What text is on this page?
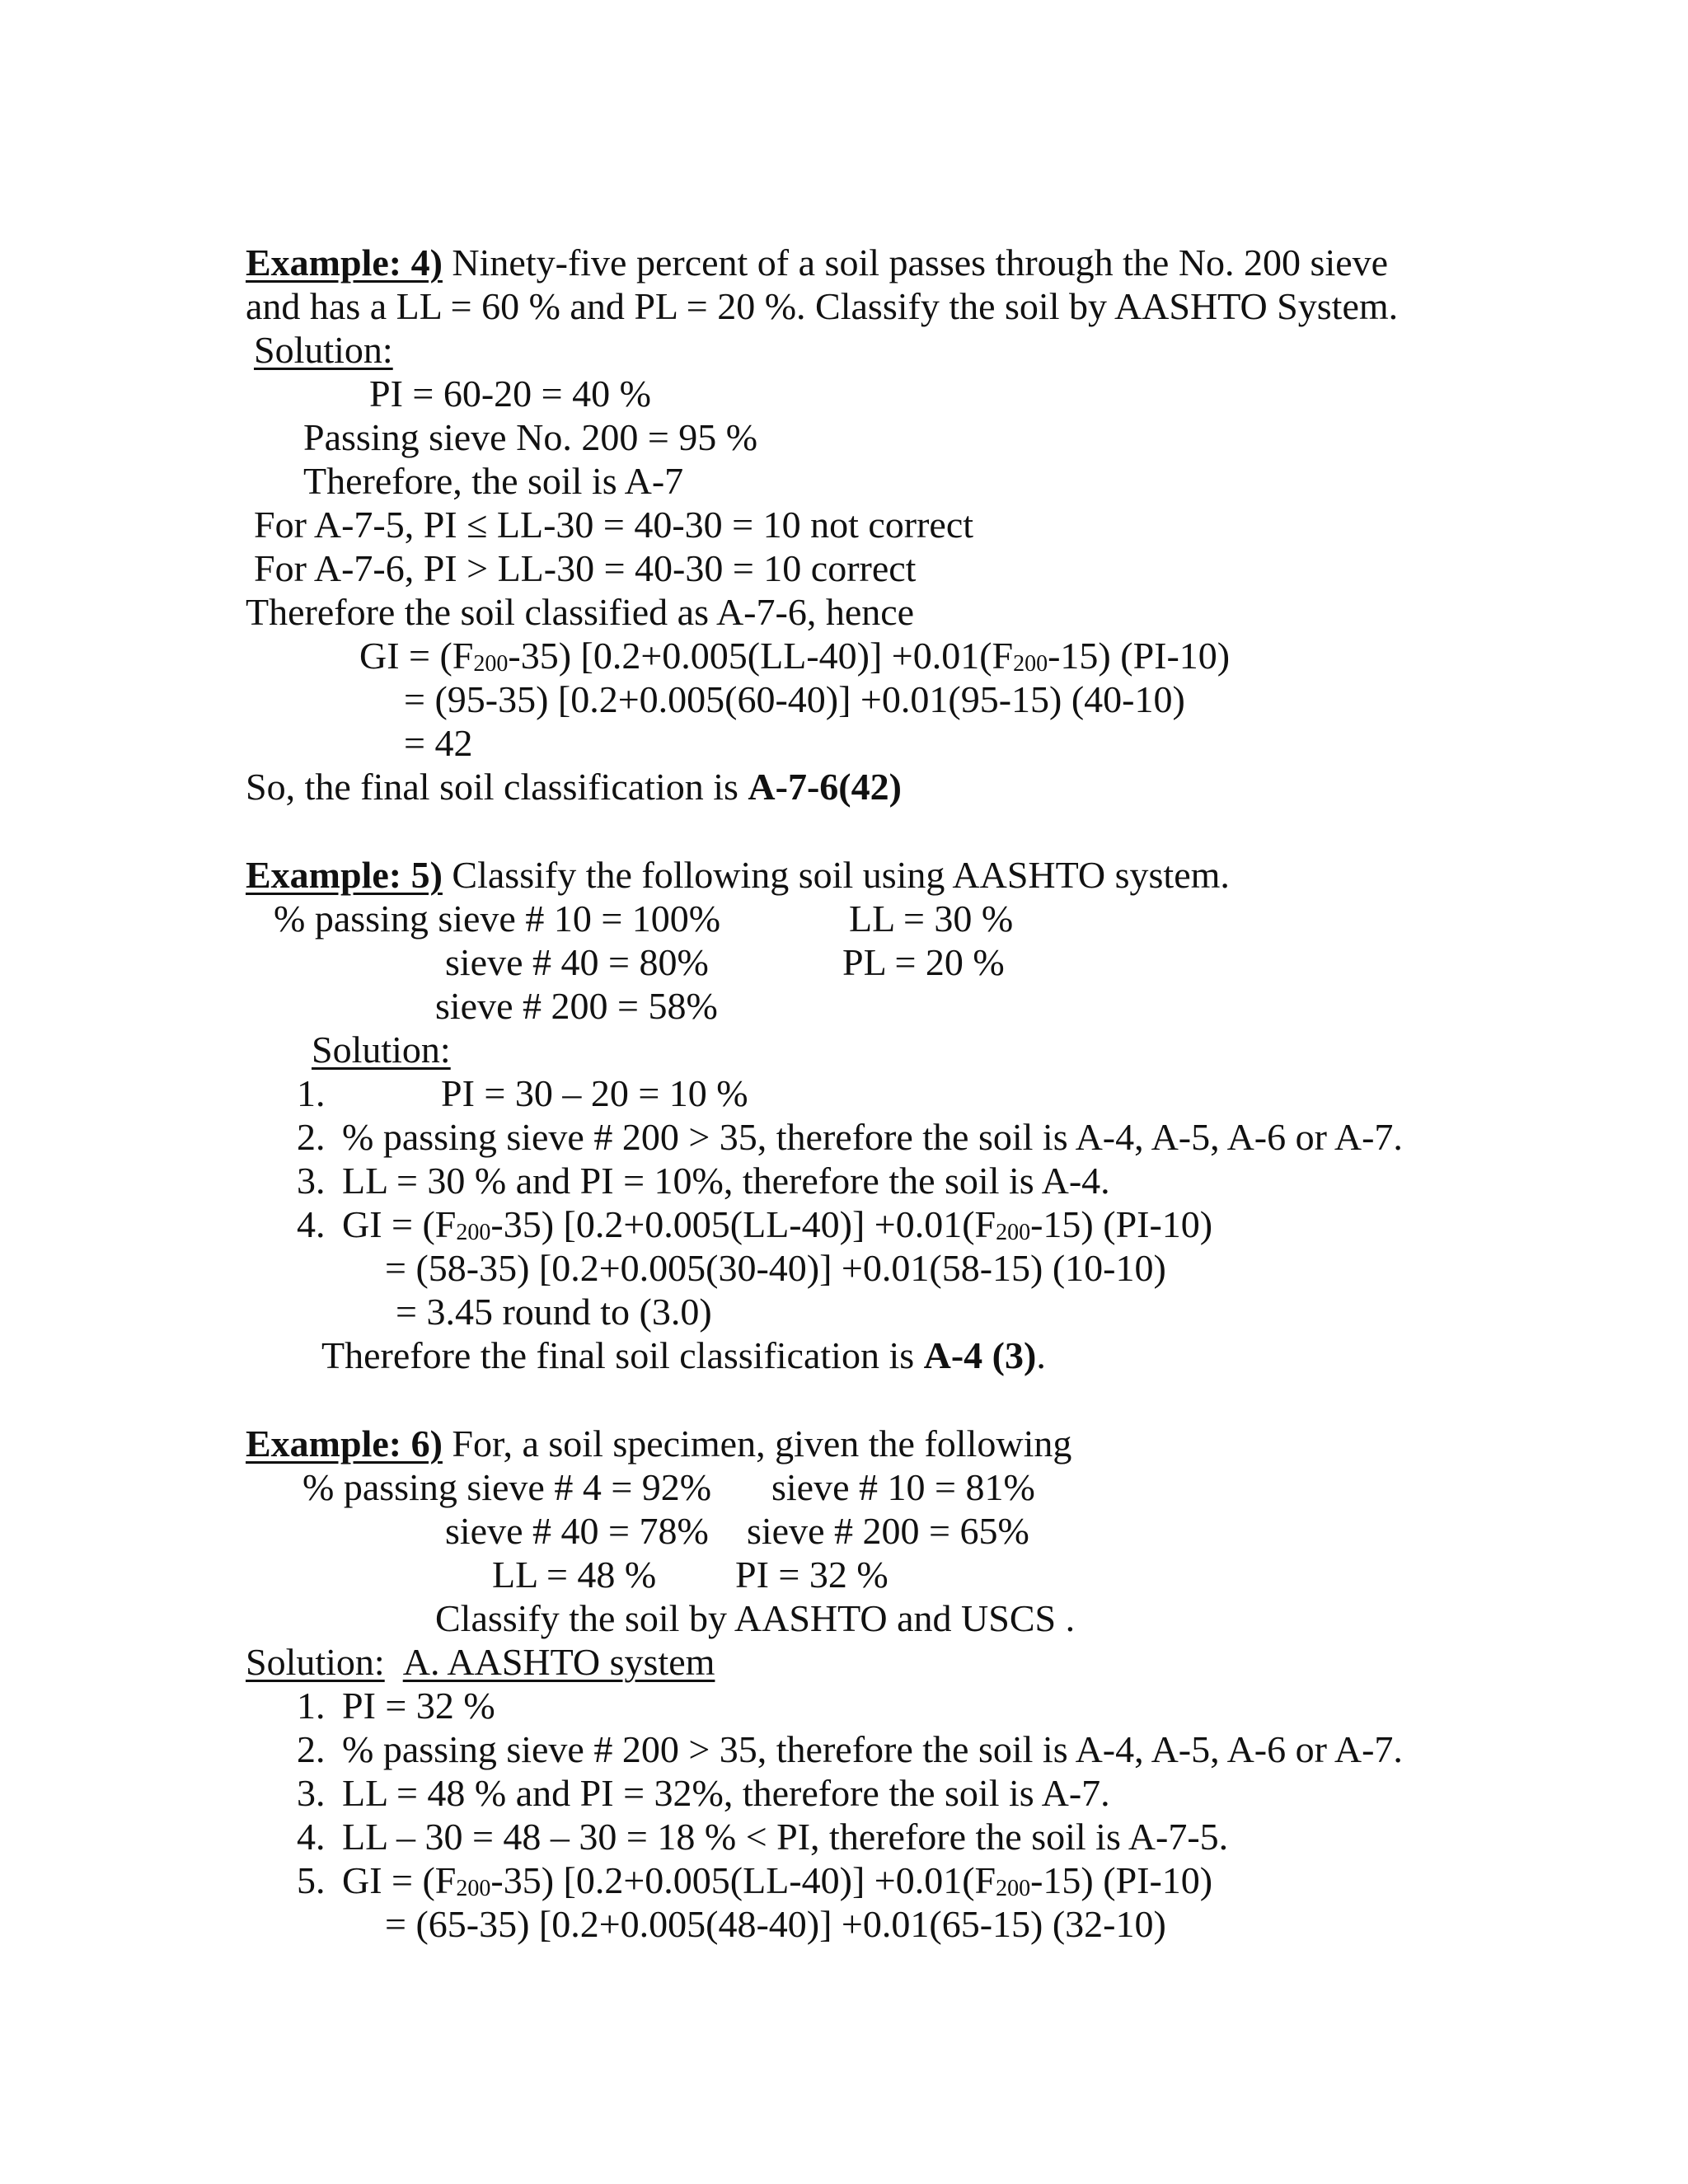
Example: 4) Ninety-five percent of a soil passes through the No. 200 sieve
and has a LL = 60 % and PL = 20 %. Classify the soil by AASHTO System.
Solution:
PI = 60-20 = 40 %
Passing sieve No. 200 = 95 %
Therefore, the soil is A-7
For A-7-5, PI ≤ LL-30 = 40-30 = 10 not correct
For A-7-6, PI > LL-30 = 40-30 = 10 correct
Therefore the soil classified as A-7-6, hence
GI = $(F_{200}-35)$ $[0.2+0.005(LL-40)] +0.01(F_{200}-15)$ (PI-10)
= (95-35) [0.2+0.005(60-40)] +0.01(95-15) (40-10)
= 42
So, the final soil classification is A-7-6(42)
Example: 5) Classify the following soil using AASHTO system.
% passing sieve # 10 = 100%	LL = 30 %
sieve # 40 = 80%	PL = 20 %
sieve # 200 = 58%
Solution:
1.	PI = 30 – 20 = 10 %
2. % passing sieve # 200 > 35, therefore the soil is A-4, A-5, A-6 or A-7.
3. LL = 30 % and PI = 10%, therefore the soil is A-4.
4. GI = $(F_{200}-35)$ $[0.2+0.005(LL-40)] +0.01(F_{200}-15)$ (PI-10)
= (58-35) [0.2+0.005(30-40)] +0.01(58-15) (10-10)
= 3.45 round to (3.0)
Therefore the final soil classification is A-4 (3).
Example: 6) For, a soil specimen, given the following
% passing sieve # 4 = 92% sieve # 10 = 81%
sieve # 40 = 78% sieve # 200 = 65%
LL = 48 % PI = 32 %
Classify the soil by AASHTO and USCS .
Solution: A. AASHTO system
1. PI = 32 %
2. % passing sieve # 200 > 35, therefore the soil is A-4, A-5, A-6 or A-7.
3. LL = 48 % and PI = 32%, therefore the soil is A-7.
4. LL – 30 = 48 – 30 = 18 % < PI, therefore the soil is A-7-5.
5. GI = $(F_{200}-35)$ $[0.2+0.005(LL-40)] +0.01(F_{200}-15)$ (PI-10)
= (65-35) [0.2+0.005(48-40)] +0.01(65-15) (32-10)
